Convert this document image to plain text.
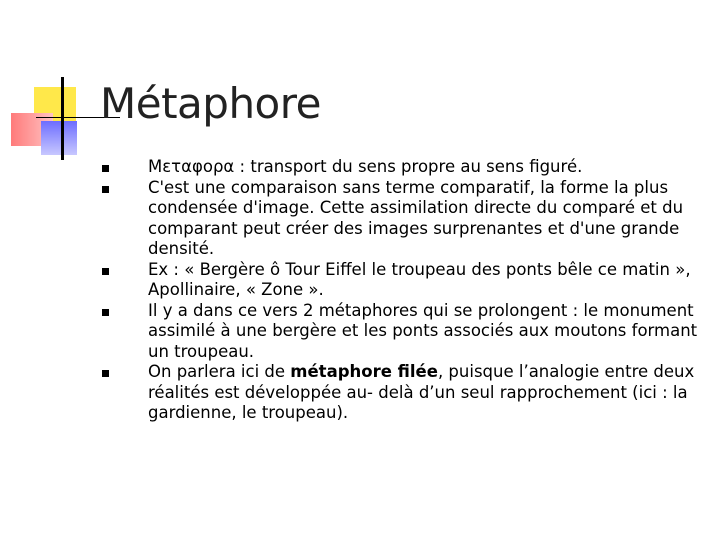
Métaphore

Μεταφορα : transport du sens propre au sens figuré.

C'est une comparaison sans terme comparatif, la forme la plus condensée d'image. Cette assimilation directe du comparé et du comparant peut créer des images surprenantes et d'une grande densité.

Ex : « Bergère ô Tour Eiffel le troupeau des ponts bêle ce matin », Apollinaire, « Zone ».

Il y a dans ce vers 2 métaphores qui se prolongent : le monument assimilé à une bergère et les ponts associés aux moutons formant un troupeau.

On parlera ici de métaphore filée, puisque l’analogie entre deux réalités est développée au- delà d’un seul rapprochement (ici : la gardienne, le troupeau).
